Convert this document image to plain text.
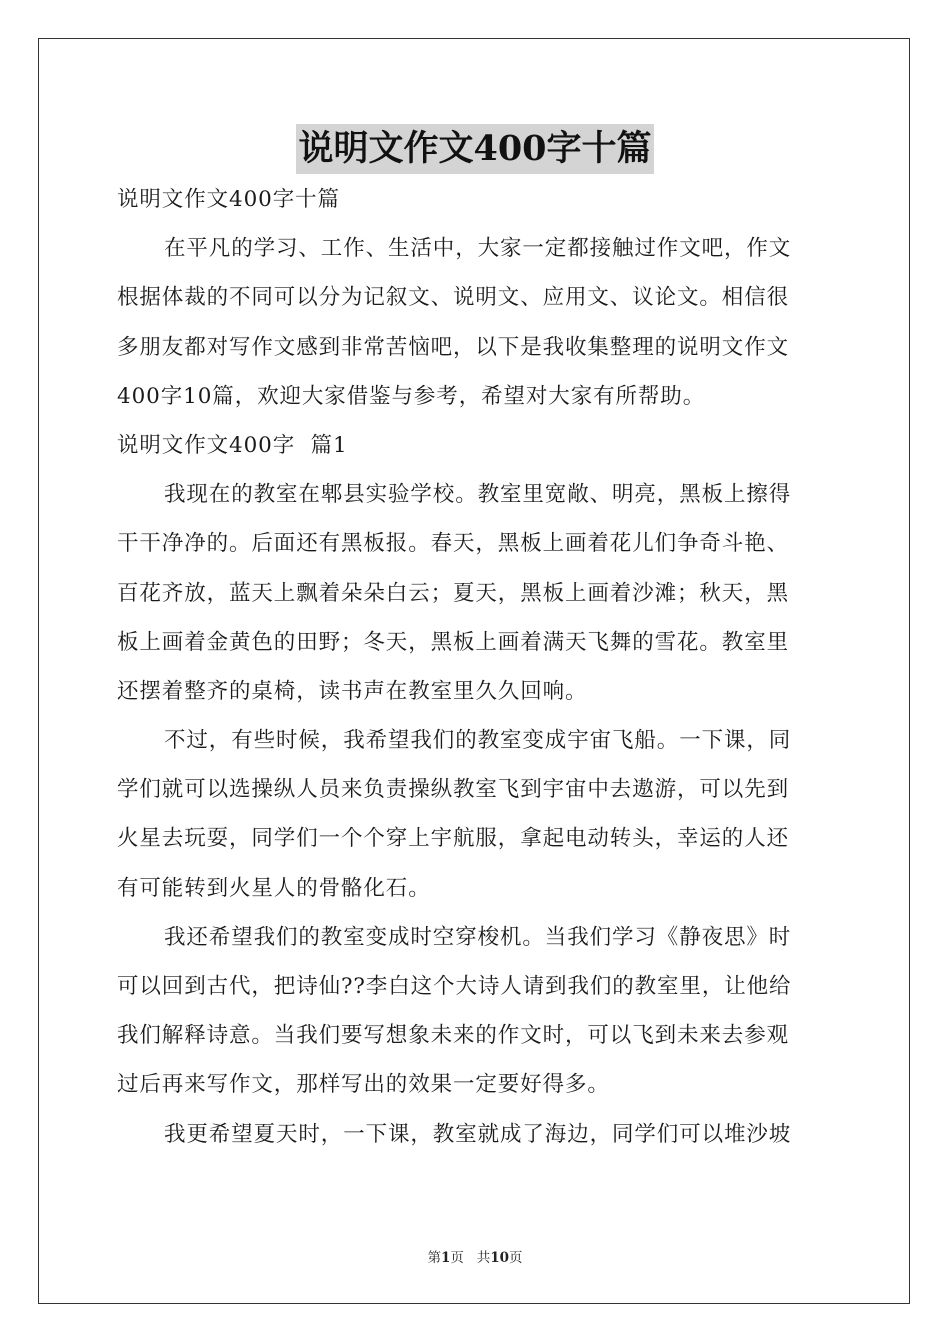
说明文作文400字十篇
说明文作文400字十篇
在平凡的学习、工作、生活中，大家一定都接触过作文吧，作文
根据体裁的不同可以分为记叙文、说明文、应用文、议论文。相信很
多朋友都对写作文感到非常苦恼吧，以下是我收集整理的说明文作文
400字10篇，欢迎大家借鉴与参考，希望对大家有所帮助。
说明文作文400字  篇1
我现在的教室在郫县实验学校。教室里宽敞、明亮，黑板上擦得
干干净净的。后面还有黑板报。春天，黑板上画着花儿们争奇斗艳、
百花齐放，蓝天上飘着朵朵白云；夏天，黑板上画着沙滩；秋天，黑
板上画着金黄色的田野；冬天，黑板上画着满天飞舞的雪花。教室里
还摆着整齐的桌椅，读书声在教室里久久回响。
不过，有些时候，我希望我们的教室变成宇宙飞船。一下课，同
学们就可以选操纵人员来负责操纵教室飞到宇宙中去遨游，可以先到
火星去玩耍，同学们一个个穿上宇航服，拿起电动转头，幸运的人还
有可能转到火星人的骨骼化石。
我还希望我们的教室变成时空穿梭机。当我们学习《静夜思》时
可以回到古代，把诗仙??李白这个大诗人请到我们的教室里，让他给
我们解释诗意。当我们要写想象未来的作文时，可以飞到未来去参观
过后再来写作文，那样写出的效果一定要好得多。
我更希望夏天时，一下课，教室就成了海边，同学们可以堆沙坡
第1页   共10页
